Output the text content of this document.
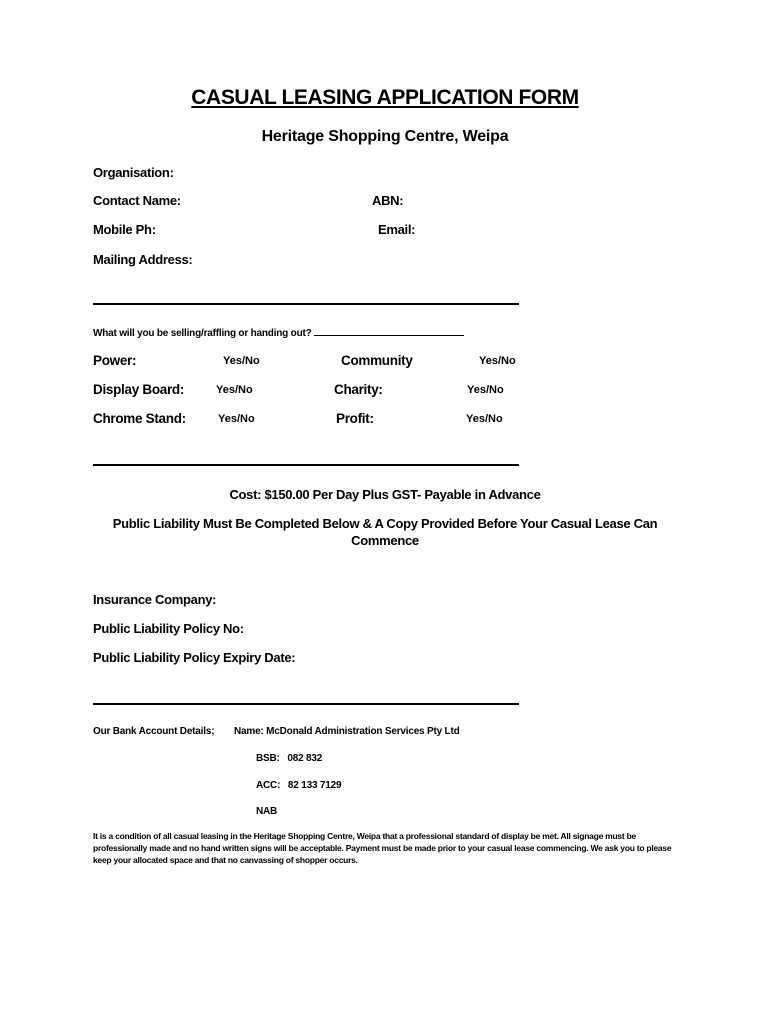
CASUAL LEASING APPLICATION FORM
Heritage Shopping Centre, Weipa
Organisation:
Contact Name:	ABN:
Mobile Ph:	Email:
Mailing Address:
What will you be selling/raffling or handing out?
Power:	Yes/No	Community	Yes/No
Display Board:	Yes/No	Charity:	Yes/No
Chrome Stand:	Yes/No	Profit:	Yes/No
Cost: $150.00 Per Day Plus GST- Payable in Advance
Public Liability Must Be Completed Below & A Copy Provided Before Your Casual Lease Can
Commence
Insurance Company:
Public Liability Policy No:
Public Liability Policy Expiry Date:
Our Bank Account Details; Name: McDonald Administration Services Pty Ltd
BSB:   082 832
ACC:   82 133 7129
NAB
It is a condition of all casual leasing in the Heritage Shopping Centre, Weipa that a professional standard of display be met. All signage must be professionally made and no hand written signs will be acceptable. Payment must be made prior to your casual lease commencing. We ask you to please keep your allocated space and that no canvassing of shopper occurs.
